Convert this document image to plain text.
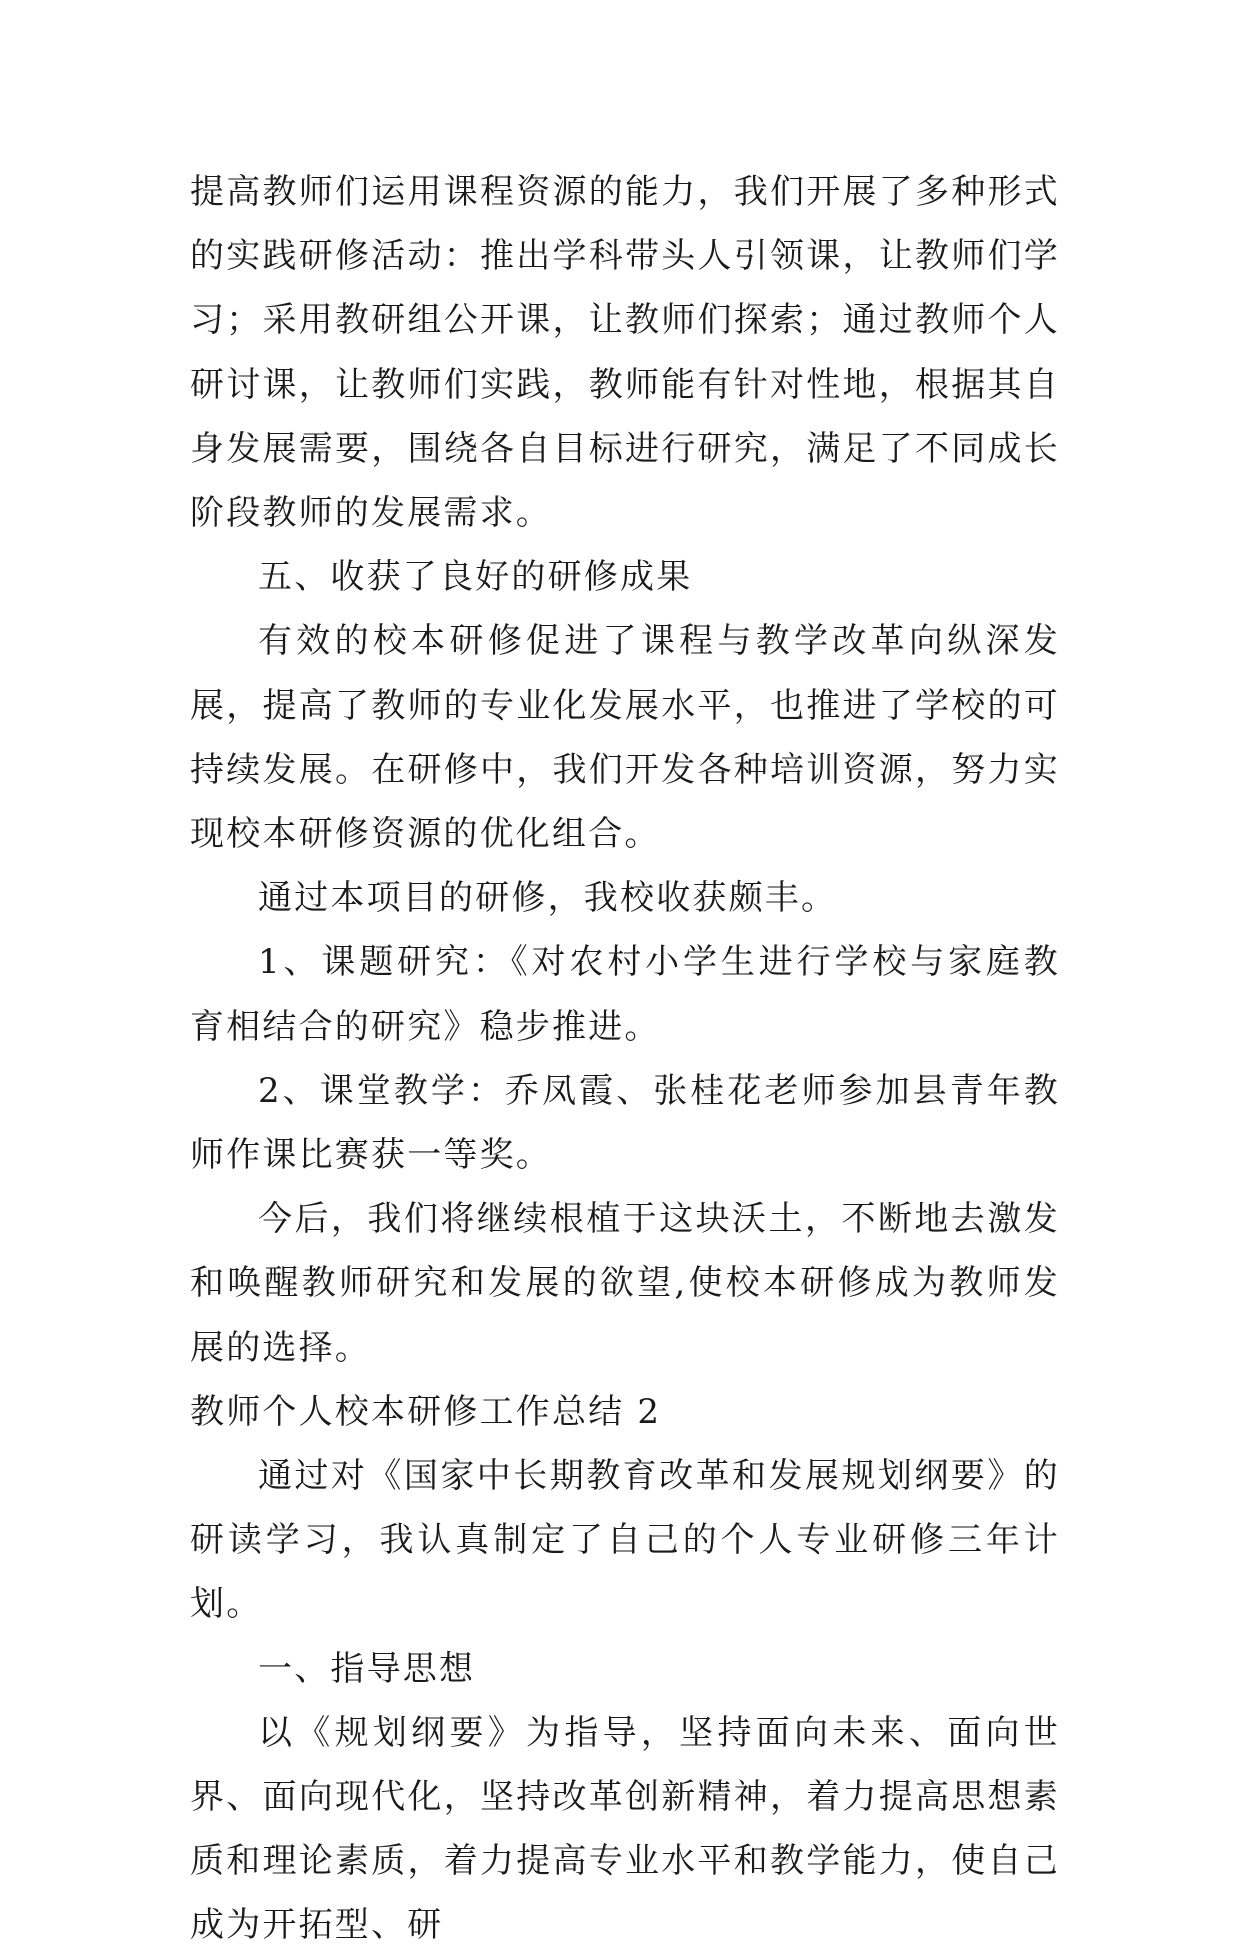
提高教师们运用课程资源的能力，我们开展了多种形式的实践研修活动：推出学科带头人引领课，让教师们学习；采用教研组公开课，让教师们探索；通过教师个人研讨课，让教师们实践，教师能有针对性地，根据其自身发展需要，围绕各自目标进行研究，满足了不同成长阶段教师的发展需求。

五、收获了良好的研修成果

有效的校本研修促进了课程与教学改革向纵深发展，提高了教师的专业化发展水平，也推进了学校的可持续发展。在研修中，我们开发各种培训资源，努力实现校本研修资源的优化组合。

通过本项目的研修，我校收获颇丰。

1、课题研究：《对农村小学生进行学校与家庭教育相结合的研究》稳步推进。

2、课堂教学：乔凤霞、张桂花老师参加县青年教师作课比赛获一等奖。

今后，我们将继续根植于这块沃土，不断地去激发和唤醒教师研究和发展的欲望,使校本研修成为教师发展的选择。

教师个人校本研修工作总结 2

通过对《国家中长期教育改革和发展规划纲要》的研读学习，我认真制定了自己的个人专业研修三年计划。

一、指导思想

以《规划纲要》为指导，坚持面向未来、面向世界、面向现代化，坚持改革创新精神，着力提高思想素质和理论素质，着力提高专业水平和教学能力，使自己成为开拓型、研
